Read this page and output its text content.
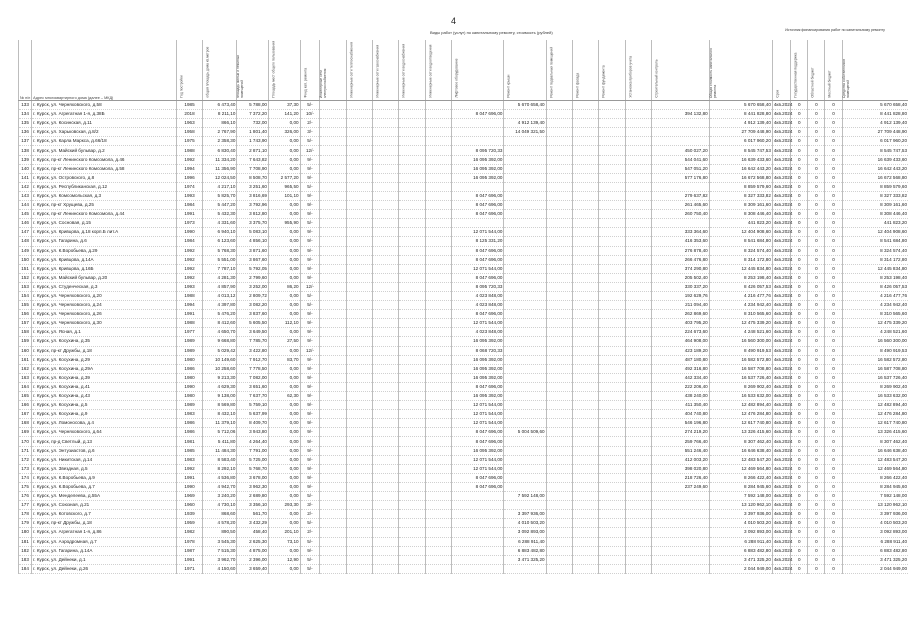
4
Виды работ (услуг) по капитальному ремонту, стоимость (рублей)	Источник финансирования работ по капитальному ремонту
№ п/п	Адрес многоквартирного дома (далее – МКД)	Год постройки	общая площадь дома кв.метров	площадь жилых и нежилых помещений	Площадь мест общего пользования	Фонд кап. ремонта	Инженерные сети электроснабжения	Инженерные сети теплоснабжения	Инженерные сети газоснабжения	Инженерные сети водоснабжения	Инженерные сети водоотведения	Лифтовое оборудование	Ремонт крыши	Ремонт подвальных помещений	Ремонт фасада	Ремонт фундамента	Установка приборов учета	Строительный контроль	Общая стоимость капитального ремонта	Срок	Государственная поддержка	Областной бюджет	Местный бюджет	Средства собственников помещений

133	г. Курск, ул. Черняховского, д.58	1985	6 473,40	5 788,00	37,30	5/-							5 670 658,40						5 670 658,40	4кв.2024	0	0	0	5 670 658,40
134	г. Курск, ул. Агрегатная 1-я, д.38Б	2018	8 211,10	7 372,20	141,20	10/-						8 047 696,00						394 132,80	8 441 828,80	4кв.2024	0	0	0	8 441 828,80
135	г. Курск, ул. Косинская, д.11	1963	866,10	732,00	0,00	2/-							4 912 139,40						4 912 139,40	4кв.2024	0	0	0	4 912 139,40
136	г. Курск, ул. Харьковская, д.8/2	1958	2 767,90	1 801,40	326,00	3/-							14 049 321,50						27 709 448,90	4кв.2024	0	0	0	27 709 448,90
137	г. Курск, ул. Карла Маркса, д.66/18	1975	2 358,30	1 743,90	0,00	5/-													6 017 960,20	4кв.2024	0	0	0	6 017 960,20
138	г. Курск, ул. Майский бульвар, д.2	1988	6 830,40	2 871,10	0,00	12/-						8 095 720,33						450 027,20	8 545 747,53	4кв.2024	0	0	0	8 545 747,53
139	г. Курск, пр-кт Ленинского Комсомола, д.46	1992	11 334,20	7 643,82	0,00	9/-						16 095 392,00						544 041,60	16 639 433,60	4кв.2024	0	0	0	16 639 433,60
140	г. Курск, пр-кт Ленинского Комсомола, д.58	1994	11 356,90	7 708,90	0,00	9/-						16 095 392,00						547 051,20	16 642 443,20	4кв.2024	0	0	0	16 642 443,20
141	г. Курск, ул. Островского, д.8	1996	12 024,50	8 508,70	2 577,20	9/-						16 095 392,00						577 176,80	16 672 568,80	4кв.2024	0	0	0	16 672 568,80
142	г. Курск, ул. Республиканская, д.12	1974	4 217,10	3 251,60	965,50	5/-													8 859 579,60	4кв.2024	0	0	0	8 859 579,60
143	г. Курск, ул. Комсомольская, д.3	1993	5 825,70	3 816,69	101,10	9/-						8 047 696,00						279 637,82	8 327 333,82	4кв.2024	0	0	0	8 327 333,82
144	г. Курск, пр-кт Хрущева, д.25	1984	5 447,20	3 792,96	0,00	9/-						8 047 696,00						261 465,60	8 309 161,60	4кв.2024	0	0	0	8 309 161,60
145	г. Курск, пр-кт Ленинского Комсомола, д.44	1991	5 432,30	3 812,80	0,00	9/-						8 047 696,00						260 750,40	8 308 446,40	4кв.2024	0	0	0	8 308 446,40
146	г. Курск, ул. Сосновая, д.15	1973	4 331,60	3 375,70	955,90	5/-													441 823,20	4кв.2024	0	0	0	441 823,20
147	г. Курск, ул. Кривцова, д.18 корп.Б лит.А	1990	6 940,10	5 083,10	0,00	9/-						12 071 544,00						333 364,60	12 404 908,60	4кв.2024	0	0	0	12 404 908,60
148	г. Курск, ул. Гагарина, д.6	1984	6 123,60	4 856,10	0,00	9/-						8 125 331,20						416 353,60	8 541 684,80	4кв.2024	0	0	0	8 541 684,80
149	г. Курск, ул. К.Воробьева, д.29	1992	5 768,30	3 871,60	0,00	9/-						8 047 696,00						276 878,40	8 324 574,40	4кв.2024	0	0	0	8 324 574,40
150	г. Курск, ул. Кривцова, д.14А	1992	5 551,00	3 867,60	0,00	9/-						8 047 696,00						266 476,80	8 314 172,80	4кв.2024	0	0	0	8 314 172,80
151	г. Курск, ул. Кривцова, д.16Б	1992	7 787,10	5 792,05	0,00	9/-						12 071 544,00						374 290,80	12 445 834,80	4кв.2024	0	0	0	12 445 834,80
152	г. Курск, ул. Майский бульвар, д.20	1992	4 281,30	2 799,60	0,00	9/-						8 047 696,00						205 502,40	8 253 198,40	4кв.2024	0	0	0	8 253 198,40
153	г. Курск, ул. Студенческая, д.3	1993	4 857,90	3 252,00	86,20	12/-						8 095 720,33						330 337,20	8 426 057,53	4кв.2024	0	0	0	8 426 057,53
154	г. Курск, ул. Черняховского, д.20	1988	4 013,12	2 809,72	0,00	5/-						4 023 848,00						192 629,76	4 216 477,76	4кв.2024	0	0	0	4 216 477,76
155	г. Курск, ул. Черняховского, д.24	1994	4 397,80	3 082,20	0,00	5/-						4 023 848,00						211 094,40	4 234 942,40	4кв.2024	0	0	0	4 234 942,40
156	г. Курск, ул. Черняховского, д.26	1991	5 476,20	3 837,60	0,00	9/-						8 047 696,00						262 869,60	8 310 565,60	4кв.2024	0	0	0	8 310 565,60
157	г. Курск, ул. Черняховского, д.30	1988	8 412,60	5 605,50	112,10	9/-						12 071 544,00						403 795,20	12 475 339,20	4кв.2024	0	0	0	12 475 339,20
158	г. Курск, ул. Ясная, д.1	1977	4 650,70	3 649,50	0,00	9/-						4 023 848,00						224 673,60	4 248 521,60	4кв.2024	0	0	0	4 248 521,60
159	г. Курск, ул. Косухина, д.35	1989	9 668,80	7 785,70	27,50	9/-						16 095 392,00						464 908,00	16 560 300,00	4кв.2024	0	0	0	16 560 300,00
160	г. Курск, пр-кт Дружбы, д.18	1989	5 029,42	3 422,80	0,00	12/-						8 068 720,33						423 189,20	8 490 919,53	4кв.2024	0	0	0	8 490 919,53
161	г. Курск, ул. Косухина, д.29	1980	10 149,60	7 912,70	83,70	9/-						16 095 392,00						487 180,80	16 582 572,80	4кв.2024	0	0	0	16 582 572,80
162	г. Курск, ул. Косухина, д.29А	1986	10 258,60	7 778,50	0,00	9/-						16 095 392,00						492 316,80	16 587 708,80	4кв.2024	0	0	0	16 587 708,80
163	г. Курск, ул. Косухина, д.39	1980	9 213,30	7 082,00	0,00	9/-						16 095 392,00						442 334,40	16 537 726,40	4кв.2024	0	0	0	16 537 726,40
164	г. Курск, ул. Косухина, д.41	1990	4 629,30	3 651,60	0,00	9/-						8 047 696,00						222 206,40	8 269 902,40	4кв.2024	0	0	0	8 269 902,40
165	г. Курск, ул. Косухина, д.43	1980	9 138,00	7 637,70	62,30	9/-						16 095 392,00						438 240,00	16 533 632,00	4кв.2024	0	0	0	16 533 632,00
166	г. Курск, ул. Косухина, д.5	1989	8 569,80	5 759,10	0,00	9/-						12 071 544,00						411 350,40	12 482 894,40	4кв.2024	0	0	0	12 482 894,40
167	г. Курск, ул. Косухина, д.9	1983	8 432,10	5 637,99	0,00	9/-						12 071 544,00						404 740,80	12 476 284,80	4кв.2024	0	0	0	12 476 284,80
168	г. Курск, ул. Ломоносова, д.4	1986	11 379,10	8 409,70	0,00	9/-						12 071 544,00						546 196,80	12 617 740,80	4кв.2024	0	0	0	12 617 740,80
169	г. Курск, ул. Черняховского, д.64	1986	5 712,06	3 943,80	0,00	9/-						8 047 696,00	5 004 509,60					274 219,20	13 326 415,60	4кв.2024	0	0	0	13 326 415,60
170	г. Курск, пр-д Светлый, д.13	1981	5 411,80	4 264,40	0,00	9/-						8 047 696,00						259 766,40	8 307 462,40	4кв.2024	0	0	0	8 307 462,40
171	г. Курск, ул. Энтузиастов, д.6	1985	11 484,30	7 791,00	0,00	9/-						16 095 392,00						551 246,40	16 646 638,40	4кв.2024	0	0	0	16 646 638,40
172	г. Курск, ул. Никитская, д.14	1983	8 583,40	5 725,00	0,00	9/-						12 071 544,00						412 003,20	12 483 547,20	4кв.2024	0	0	0	12 483 547,20
173	г. Курск, ул. Звездная, д.5	1992	8 292,10	5 768,70	0,00	9/-						12 071 544,00						398 020,80	12 469 564,80	4кв.2024	0	0	0	12 469 564,80
174	г. Курск, ул. К.Воробьева, д.9	1991	4 536,80	3 678,00	0,00	9/-						8 047 696,00						218 726,40	8 266 422,40	4кв.2024	0	0	0	8 266 422,40
175	г. Курск, ул. К.Воробьева, д.7	1990	4 942,70	3 962,30	0,00	9/-						8 047 696,00						237 249,60	8 284 945,60	4кв.2024	0	0	0	8 284 945,60
176	г. Курск, ул. Менделеева, д.55А	1969	3 240,20	2 689,80	0,00	5/-							7 592 148,00						7 592 148,00	4кв.2024	0	0	0	7 592 148,00
177	г. Курск, ул. Союзная, д.21	1960	4 730,10	3 356,10	293,30	3/-													13 120 962,10	4кв.2024	0	0	0	13 120 962,10
178	г. Курск, ул. Котовского, д.7	1939	868,60	561,70	0,00	2/-							3 397 936,00						3 397 936,00	4кв.2024	0	0	0	3 397 936,00
179	г. Курск, пр-кт Дружбы, д.18	1959	4 578,20	3 432,29	0,00	5/-							4 010 503,20						4 010 503,20	4кв.2024	0	0	0	4 010 503,20
180	г. Курск, ул. Агрегатная 1-я, д.86	1982	890,50	458,40	201,10	2/-							3 092 893,00						3 092 893,00	4кв.2024	0	0	0	3 092 893,00
181	г. Курск, ул. Аэродромная, д.7	1978	3 545,30	2 625,30	73,10	5/-							6 288 911,40						6 288 911,40	4кв.2024	0	0	0	6 288 911,40
182	г. Курск, ул. Гагарина, д.14А	1987	7 515,30	4 875,00	0,00	9/-							6 883 482,80						6 883 482,80	4кв.2024	0	0	0	6 883 482,80
183	г. Курск, ул. Дейнеки, д.1	1991	3 962,70	2 396,00	12,90	5/-							3 471 325,20						3 471 325,20	4кв.2024	0	0	0	3 471 325,20
184	г. Курск, ул. Дейнеки, д.26	1971	4 150,60	3 659,40	0,00	5/-													2 044 949,00	4кв.2024	0	0	0	2 044 949,00
